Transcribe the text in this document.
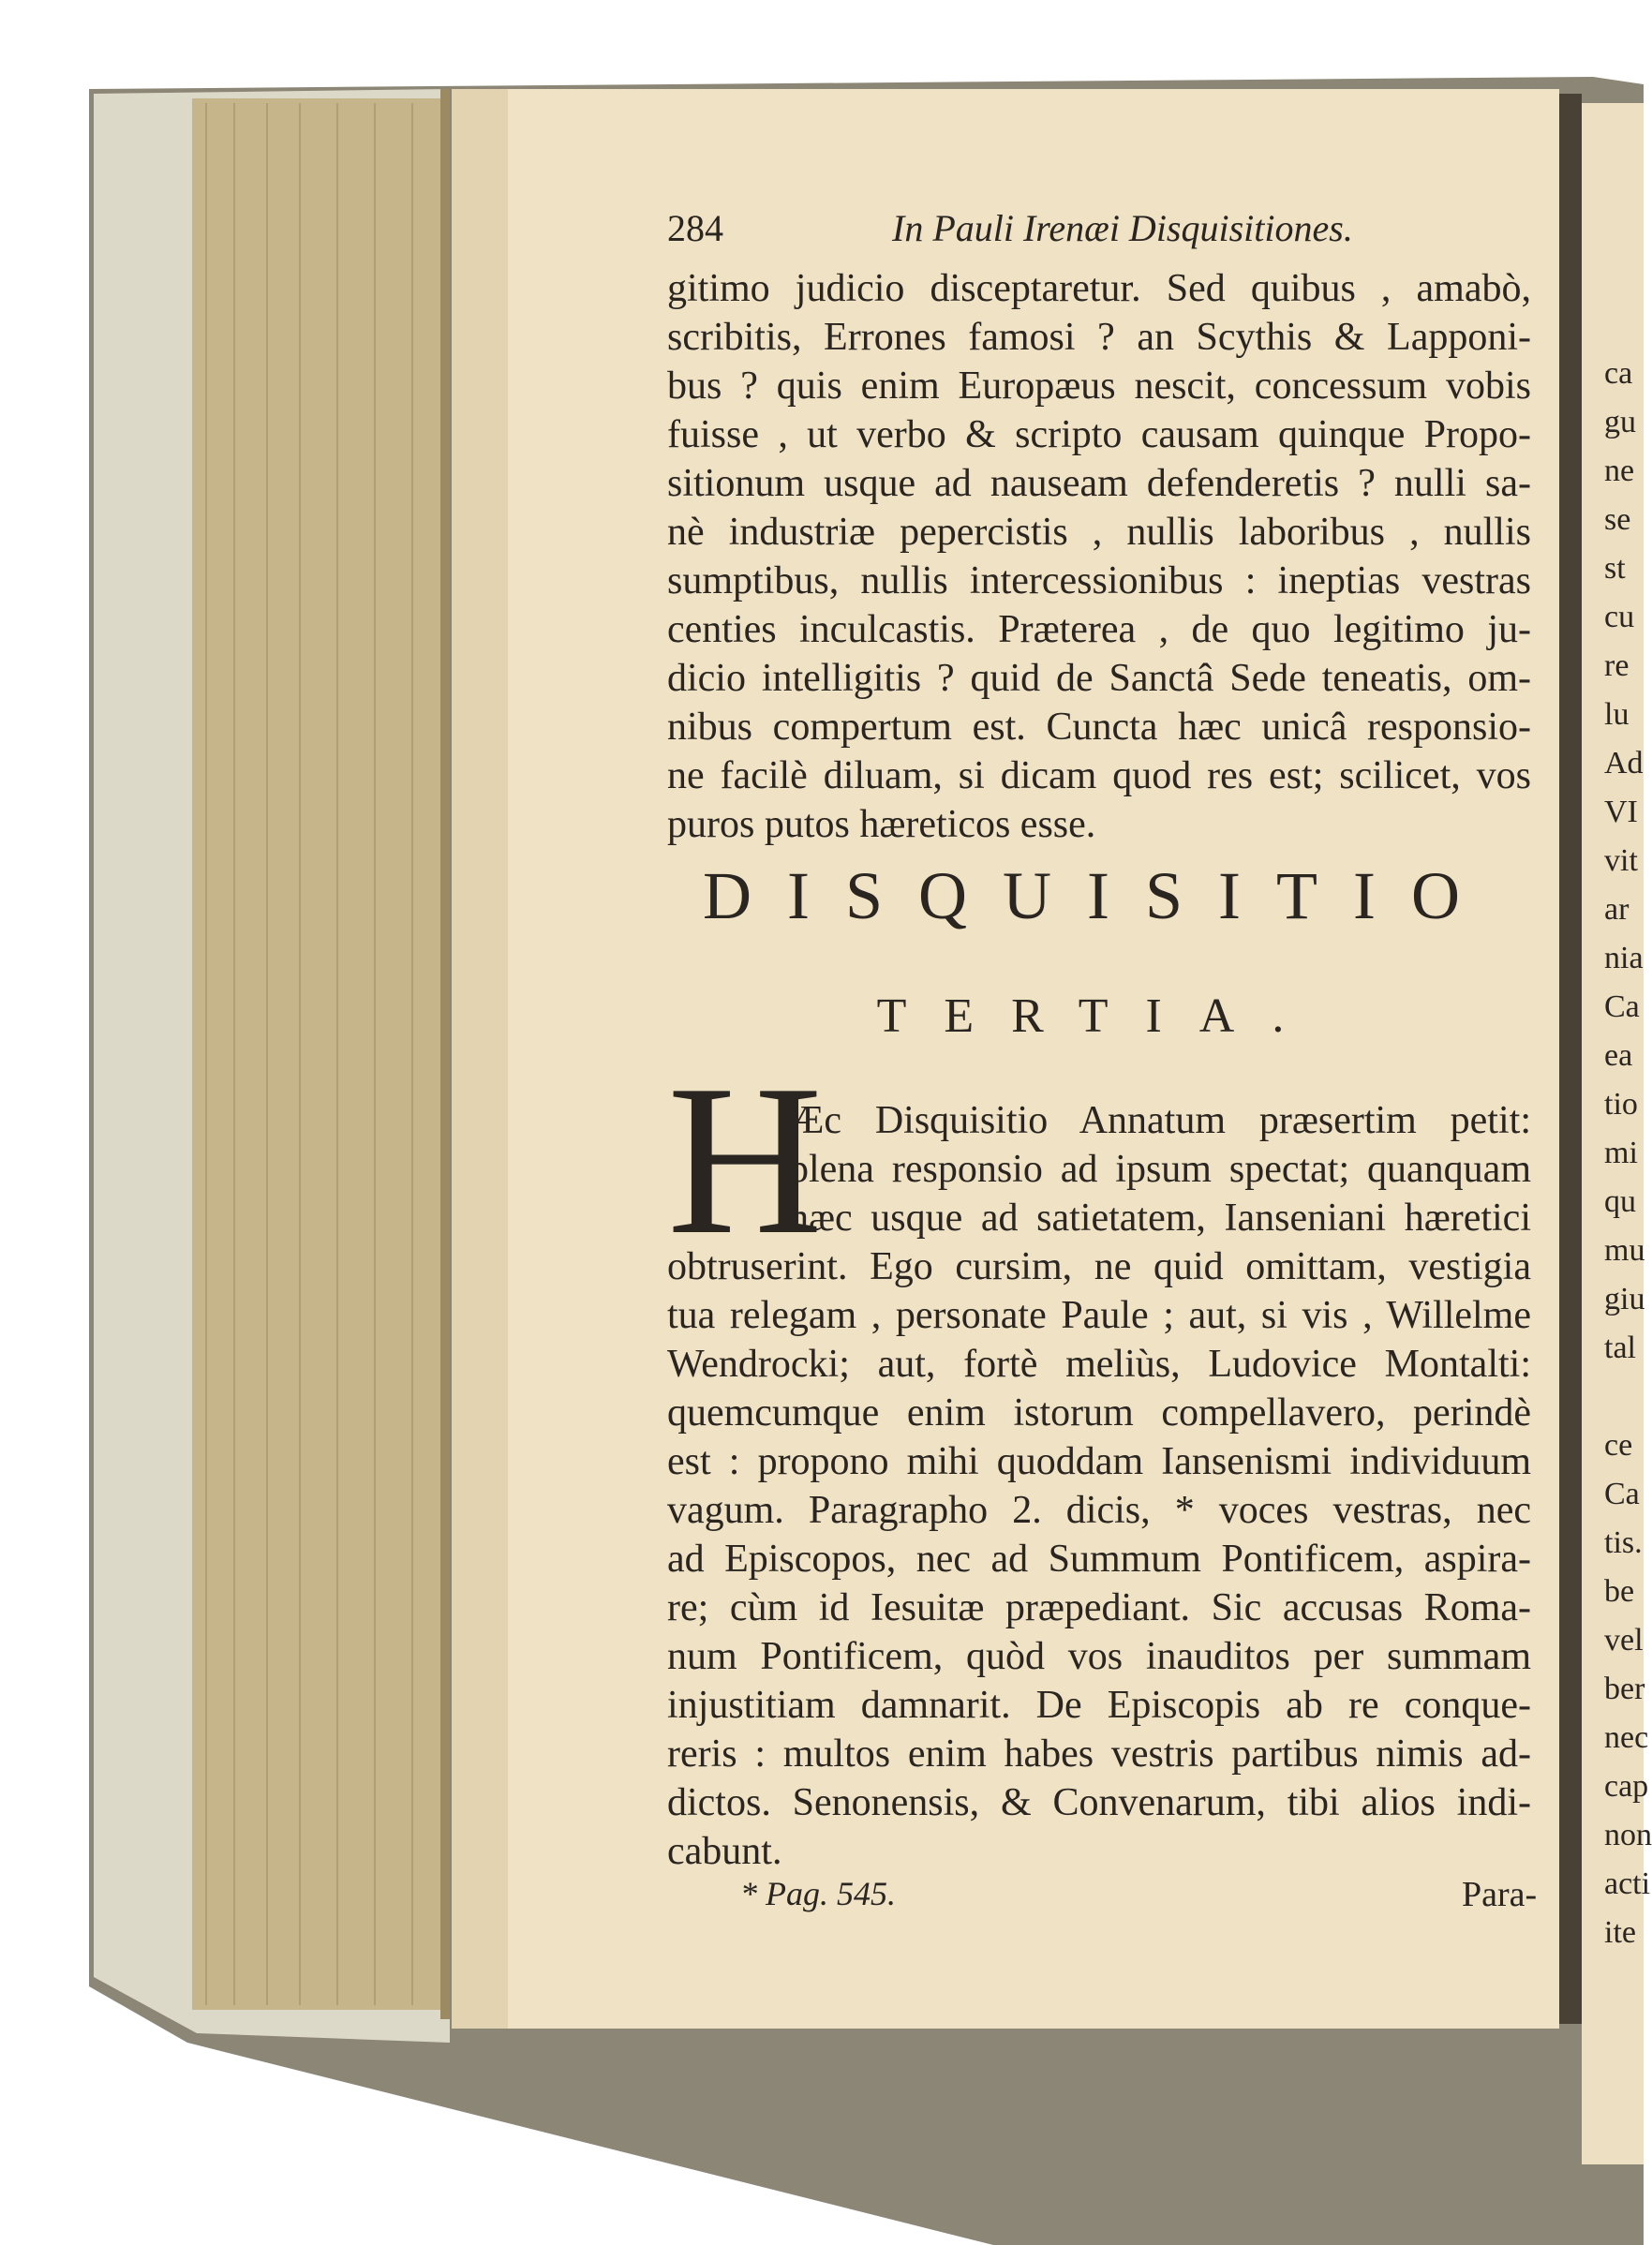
284	In Pauli Irenæi Disquisitiones.
gitimo judicio disceptaretur. Sed quibus , amabò,
scribitis, Errones famosi ? an Scythis & Lapponi-
bus ? quis enim Europæus nescit, concessum vobis
fuisse , ut verbo & scripto causam quinque Propo-
sitionum usque ad nauseam defenderetis ? nulli sa-
nè industriæ pepercistis , nullis laboribus , nullis
sumptibus, nullis intercessionibus : ineptias vestras
centies inculcastis. Præterea , de quo legitimo ju-
dicio intelligitis ? quid de Sanctâ Sede teneatis, om-
nibus compertum est. Cuncta hæc unicâ responsio-
ne facilè diluam, si dicam quod res est; scilicet, vos
puros putos hæreticos esse.
DISQUISITIO
TERTIA.
H
Æc Disquisitio Annatum præsertim petit:
plena responsio ad ipsum spectat; quanquam
hæc usque ad satietatem, Ianseniani hæretici
obtruserint. Ego cursim, ne quid omittam, vestigia
tua relegam , personate Paule ; aut, si vis , Willelme
Wendrocki; aut, fortè meliùs, Ludovice Montalti:
quemcumque enim istorum compellavero, perindè
est : propono mihi quoddam Iansenismi individuum
vagum. Paragrapho 2. dicis, * voces vestras, nec
ad Episcopos, nec ad Summum Pontificem, aspira-
re; cùm id Iesuitæ præpediant. Sic accusas Roma-
num Pontificem, quòd vos inauditos per summam
injustitiam damnarit. De Episcopis ab re conque-
reris : multos enim habes vestris partibus nimis ad-
dictos. Senonensis, & Convenarum, tibi alios indi-
cabunt.
* Pag. 545.	Para-
ca
gu
ne
se
st
cu
re
lu
Ad
VI
vit
ar
nia
Ca
ea
tio
mi
qu
mu
giu
tal
ce
Ca
tis.
be
vel
ber
nec
cap
non
acti
ite
